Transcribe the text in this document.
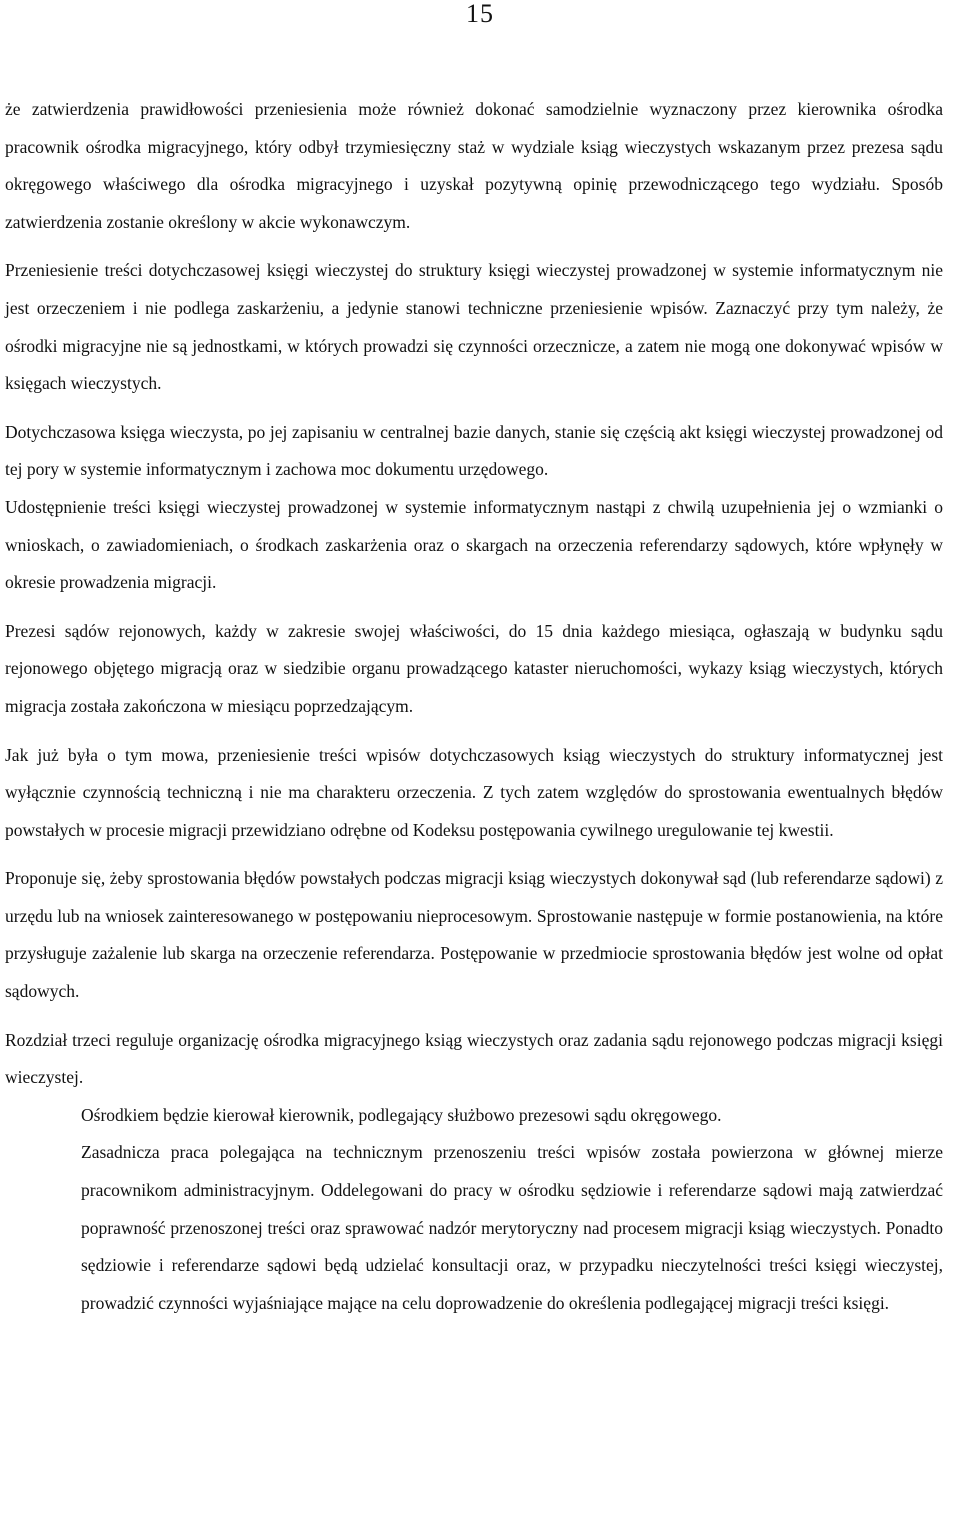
15

że zatwierdzenia prawidłowości przeniesienia może również dokonać samodzielnie wyznaczony przez kierownika ośrodka pracownik ośrodka migracyjnego, który odbył trzymiesięczny staż w wydziale ksiąg wieczystych wskazanym przez prezesa sądu okręgowego właściwego dla ośrodka migracyjnego i uzyskał pozytywną opinię przewodniczącego tego wydziału. Sposób zatwierdzenia zostanie określony w akcie wykonawczym.

Przeniesienie treści dotychczasowej księgi wieczystej do struktury księgi wieczystej prowadzonej w systemie informatycznym nie jest orzeczeniem i nie podlega zaskarżeniu, a jedynie stanowi techniczne przeniesienie wpisów. Zaznaczyć przy tym należy, że ośrodki migracyjne nie są jednostkami, w których prowadzi się czynności orzecznicze, a zatem nie mogą one dokonywać wpisów w księgach wieczystych.

Dotychczasowa księga wieczysta, po jej zapisaniu w centralnej bazie danych, stanie się częścią akt księgi wieczystej prowadzonej od tej pory w systemie informatycznym i zachowa moc dokumentu urzędowego.

Udostępnienie treści księgi wieczystej prowadzonej w systemie informatycznym nastąpi z chwilą uzupełnienia jej o wzmianki o wnioskach, o zawiadomieniach, o środkach zaskarżenia oraz o skargach na orzeczenia referendarzy sądowych, które wpłynęły w okresie prowadzenia migracji.

Prezesi sądów rejonowych, każdy w zakresie swojej właściwości, do 15 dnia każdego miesiąca, ogłaszają w budynku sądu rejonowego objętego migracją oraz w siedzibie organu prowadzącego kataster nieruchomości, wykazy ksiąg wieczystych, których migracja została zakończona w miesiącu poprzedzającym.

Jak już była o tym mowa, przeniesienie treści wpisów dotychczasowych ksiąg wieczystych do struktury informatycznej jest wyłącznie czynnością techniczną i nie ma charakteru orzeczenia. Z tych zatem względów do sprostowania ewentualnych błędów powstałych w procesie migracji przewidziano odrębne od Kodeksu postępowania cywilnego uregulowanie tej kwestii.

Proponuje się, żeby sprostowania błędów powstałych podczas migracji ksiąg wieczystych dokonywał sąd (lub referendarze sądowi) z urzędu lub na wniosek zainteresowanego w postępowaniu nieprocesowym. Sprostowanie następuje w formie postanowienia, na które przysługuje zażalenie lub skarga na orzeczenie referendarza. Postępowanie w przedmiocie sprostowania błędów jest wolne od opłat sądowych.

Rozdział trzeci reguluje organizację ośrodka migracyjnego ksiąg wieczystych oraz zadania sądu rejonowego podczas migracji księgi wieczystej.

Ośrodkiem będzie kierował kierownik, podlegający służbowo prezesowi sądu okręgowego.

Zasadnicza praca polegająca na technicznym przenoszeniu treści wpisów została powierzona w głównej mierze pracownikom administracyjnym. Oddelegowani do pracy w ośrodku sędziowie i referendarze sądowi mają zatwierdzać poprawność przenoszonej treści oraz sprawować nadzór merytoryczny nad procesem migracji ksiąg wieczystych. Ponadto sędziowie i referendarze sądowi będą udzielać konsultacji oraz, w przypadku nieczytelności treści księgi wieczystej, prowadzić czynności wyjaśniające mające na celu doprowadzenie do określenia podlegającej migracji treści księgi.
